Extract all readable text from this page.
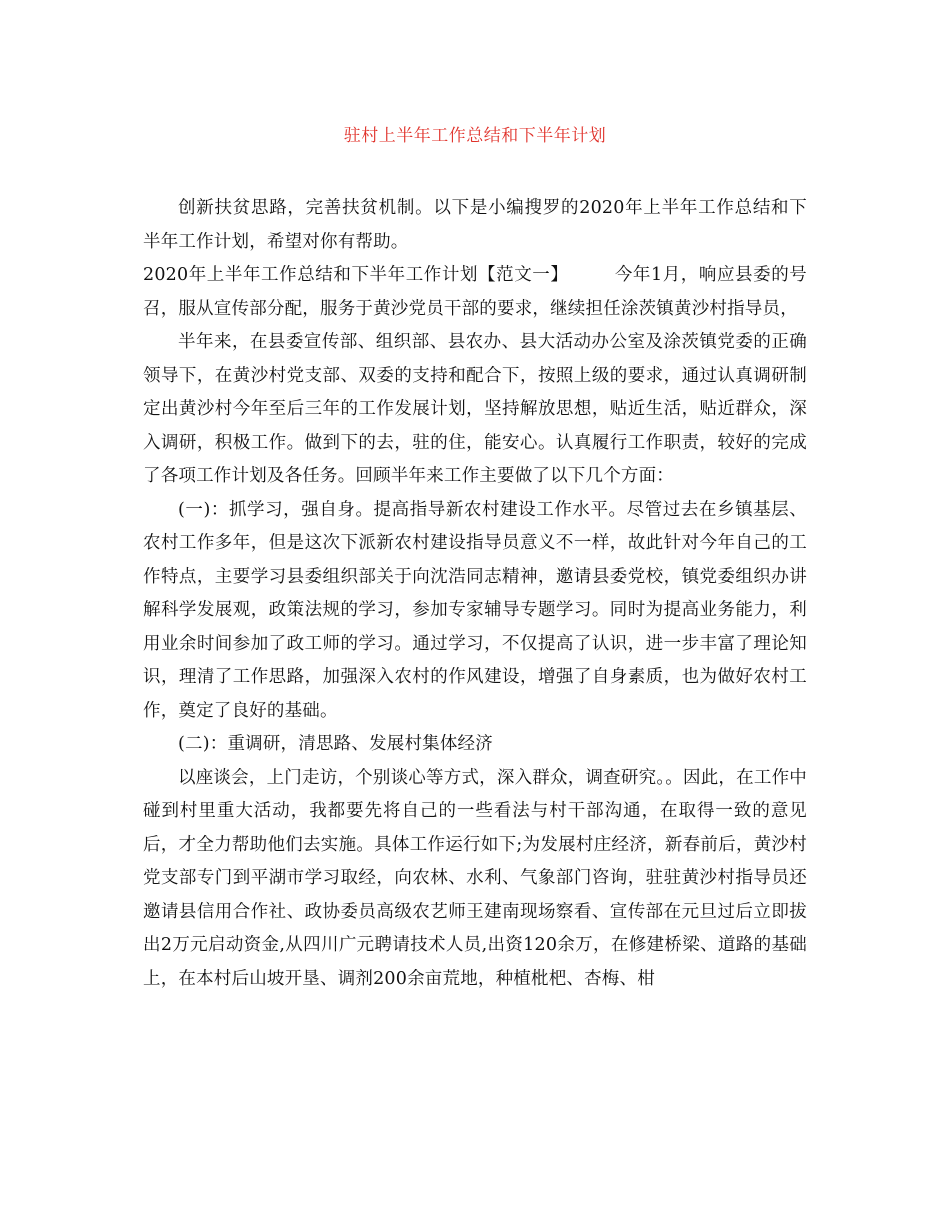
驻村上半年工作总结和下半年计划

创新扶贫思路，完善扶贫机制。以下是小编搜罗的2020年上半年工作总结和下半年工作计划，希望对你有帮助。

2020年上半年工作总结和下半年工作计划【范文一】	今年1月，响应县委的号召，服从宣传部分配，服务于黄沙党员干部的要求，继续担任涂茨镇黄沙村指导员，

半年来，在县委宣传部、组织部、县农办、县大活动办公室及涂茨镇党委的正确领导下，在黄沙村党支部、双委的支持和配合下，按照上级的要求，通过认真调研制定出黄沙村今年至后三年的工作发展计划，坚持解放思想，贴近生活，贴近群众，深入调研，积极工作。做到下的去，驻的住，能安心。认真履行工作职责，较好的完成了各项工作计划及各任务。回顾半年来工作主要做了以下几个方面：

(一)：抓学习，强自身。提高指导新农村建设工作水平。尽管过去在乡镇基层、农村工作多年，但是这次下派新农村建设指导员意义不一样，故此针对今年自己的工作特点，主要学习县委组织部关于向沈浩同志精神，邀请县委党校，镇党委组织办讲解科学发展观，政策法规的学习，参加专家辅导专题学习。同时为提高业务能力，利用业余时间参加了政工师的学习。通过学习，不仅提高了认识，进一步丰富了理论知识，理清了工作思路，加强深入农村的作风建设，增强了自身素质，也为做好农村工作，奠定了良好的基础。

(二)：重调研，清思路、发展村集体经济

以座谈会，上门走访，个别谈心等方式，深入群众，调查研究。。因此，在工作中碰到村里重大活动，我都要先将自己的一些看法与村干部沟通，在取得一致的意见后，才全力帮助他们去实施。具体工作运行如下;为发展村庄经济，新春前后，黄沙村党支部专门到平湖市学习取经，向农林、水利、气象部门咨询，驻驻黄沙村指导员还邀请县信用合作社、政协委员高级农艺师王建南现场察看、宣传部在元旦过后立即拔出2万元启动资金,从四川广元聘请技术人员,出资120余万，在修建桥梁、道路的基础上，在本村后山坡开垦、调剂200余亩荒地，种植枇杷、杏梅、柑
